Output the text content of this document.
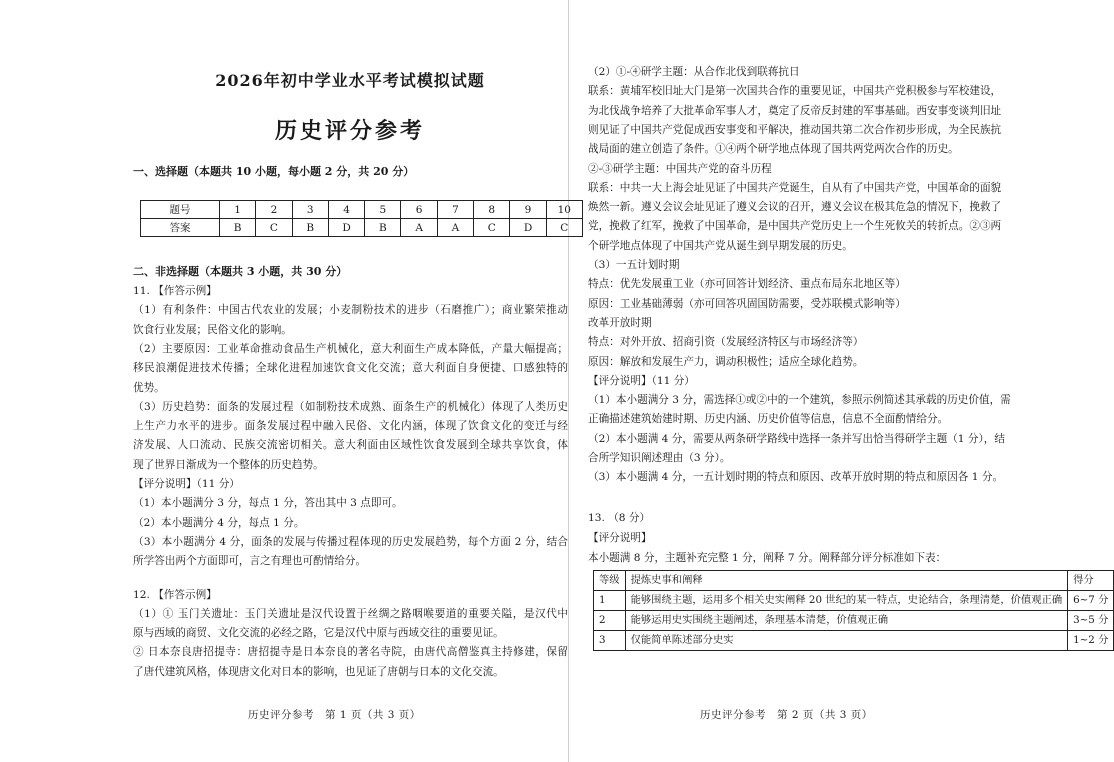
2026年初中学业水平考试模拟试题
历史评分参考
一、选择题（本题共 10 小题，每小题 2 分，共 20 分）
题号	1	2	3	4	5	6	7	8	9	10
答案	B	C	B	D	B	A	A	C	D	C
二、非选择题（本题共 3 小题，共 30 分）
11. 【作答示例】
（1）有利条件：中国古代农业的发展；小麦制粉技术的进步（石磨推广）；商业繁荣推动
饮食行业发展；民俗文化的影响。
（2）主要原因：工业革命推动食品生产机械化，意大利面生产成本降低，产量大幅提高；
移民浪潮促进技术传播；全球化进程加速饮食文化交流；意大利面自身便捷、口感独特的
优势。
（3）历史趋势：面条的发展过程（如制粉技术成熟、面条生产的机械化）体现了人类历史
上生产力水平的进步。面条发展过程中融入民俗、文化内涵，体现了饮食文化的变迁与经
济发展、人口流动、民族交流密切相关。意大利面由区域性饮食发展到全球共享饮食，体
现了世界日渐成为一个整体的历史趋势。
【评分说明】（11 分）
（1）本小题满分 3 分，每点 1 分，答出其中 3 点即可。
（2）本小题满分 4 分，每点 1 分。
（3）本小题满分 4 分，面条的发展与传播过程体现的历史发展趋势，每个方面 2 分，结合
所学答出两个方面即可，言之有理也可酌情给分。
12. 【作答示例】
（1）① 玉门关遗址：玉门关遗址是汉代设置于丝绸之路咽喉要道的重要关隘，是汉代中
原与西域的商贸、文化交流的必经之路，它是汉代中原与西域交往的重要见证。
② 日本奈良唐招提寺：唐招提寺是日本奈良的著名寺院，由唐代高僧鉴真主持修建，保留
了唐代建筑风格，体现唐文化对日本的影响，也见证了唐朝与日本的文化交流。
历史评分参考　第 1 页（共 3 页）
（2）①-④研学主题：从合作北伐到联蒋抗日
联系：黄埔军校旧址大门是第一次国共合作的重要见证，中国共产党积极参与军校建设，
为北伐战争培养了大批革命军事人才，奠定了反帝反封建的军事基础。西安事变谈判旧址
则见证了中国共产党促成西安事变和平解决，推动国共第二次合作初步形成，为全民族抗
战局面的建立创造了条件。①④两个研学地点体现了国共两党两次合作的历史。
②-③研学主题：中国共产党的奋斗历程
联系：中共一大上海会址见证了中国共产党诞生，自从有了中国共产党，中国革命的面貌
焕然一新。遵义会议会址见证了遵义会议的召开，遵义会议在极其危急的情况下，挽救了
党，挽救了红军，挽救了中国革命，是中国共产党历史上一个生死攸关的转折点。②③两
个研学地点体现了中国共产党从诞生到早期发展的历史。
（3）一五计划时期
特点：优先发展重工业（亦可回答计划经济、重点布局东北地区等）
原因：工业基础薄弱（亦可回答巩固国防需要，受苏联模式影响等）
改革开放时期
特点：对外开放、招商引资（发展经济特区与市场经济等）
原因：解放和发展生产力，调动积极性；适应全球化趋势。
【评分说明】（11 分）
（1）本小题满分 3 分，需选择①或②中的一个建筑，参照示例简述其承载的历史价值，需
正确描述建筑始建时期、历史内涵、历史价值等信息，信息不全面酌情给分。
（2）本小题满 4 分，需要从两条研学路线中选择一条并写出恰当得研学主题（1 分），结
合所学知识阐述理由（3 分）。
（3）本小题满 4 分，一五计划时期的特点和原因、改革开放时期的特点和原因各 1 分。
13. （8 分）
【评分说明】
本小题满 8 分，主题补充完整 1 分，阐释 7 分。阐释部分评分标准如下表：
等级	提炼史事和阐释	得分
1	能够围绕主题，运用多个相关史实阐释 20 世纪的某一特点，史论结合，条理清楚，价值观正确	6~7 分
2	能够运用史实围绕主题阐述，条理基本清楚，价值观正确	3~5 分
3	仅能简单陈述部分史实	1~2 分
历史评分参考　第 2 页（共 3 页）
